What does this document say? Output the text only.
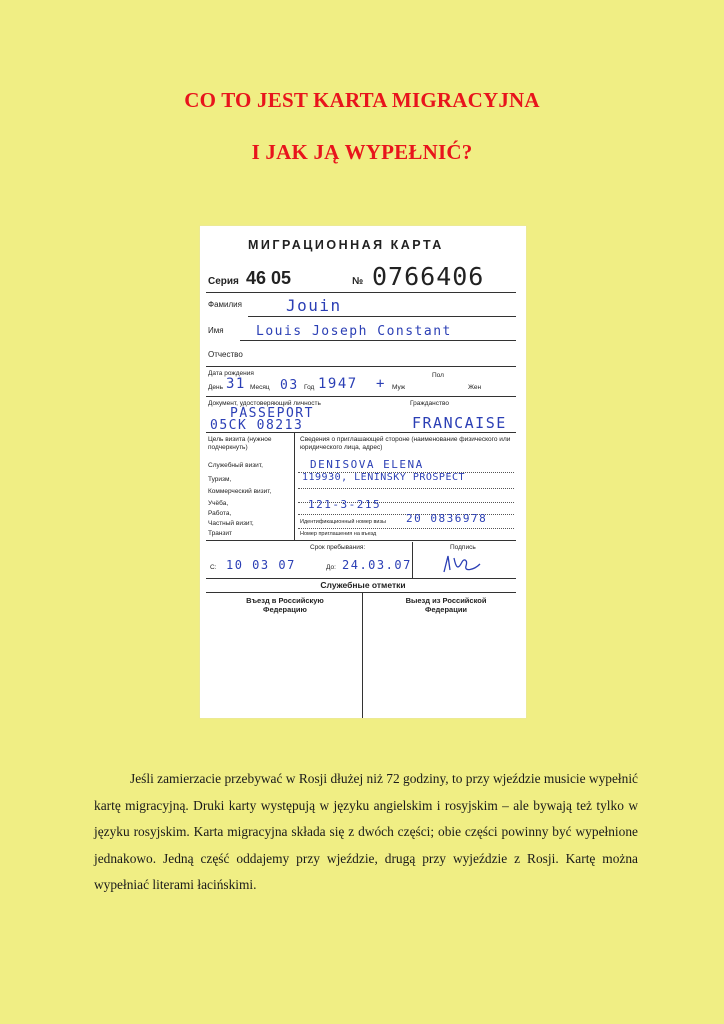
CO TO JEST KARTA MIGRACYJNA
I JAK JĄ WYPEŁNIĆ?
МИГРАЦИОННАЯ КАРТА
Серия 46 05	№ 0766406
Фамилия	Jouin
Имя Louis Joseph Constant
Отчество
Дата рождения
День 31 Месяц 03 Год 1947
Пол
+ Муж	Жен
Документ, удостоверяющий личность
PASSEPORT
05CK 08213
Гражданство
FRANCAISE
Цель визита (нужное подчеркнуть)
Служебный визит,
Туризм,
Коммерческий визит,
Учёба,
Работа,
Частный визит,
Транзит
Сведения о приглашающей стороне (наименование физического или юридического лица, адрес)
DENISOVA ELENA
119930, LENINSKY PROSPECT
121-3-215
Идентификационный номер визы 20 0836978
Номер приглашения на въезд
Срок пребывания:	Подпись
С: 10 03 07	До: 24.03.07
Служебные отметки
Въезд в Российскую Федерацию
Выезд из Российской Федерации
Jeśli zamierzacie przebywać w Rosji dłużej niż 72 godziny, to przy wjeździe musicie wypełnić kartę migracyjną. Druki karty występują w języku angielskim i rosyjskim – ale bywają też tylko w języku rosyjskim. Karta migracyjna składa się z dwóch części; obie części powinny być wypełnione jednakowo. Jedną część oddajemy przy wjeździe, drugą przy wyjeździe z Rosji. Kartę można wypełniać literami łacińskimi.
